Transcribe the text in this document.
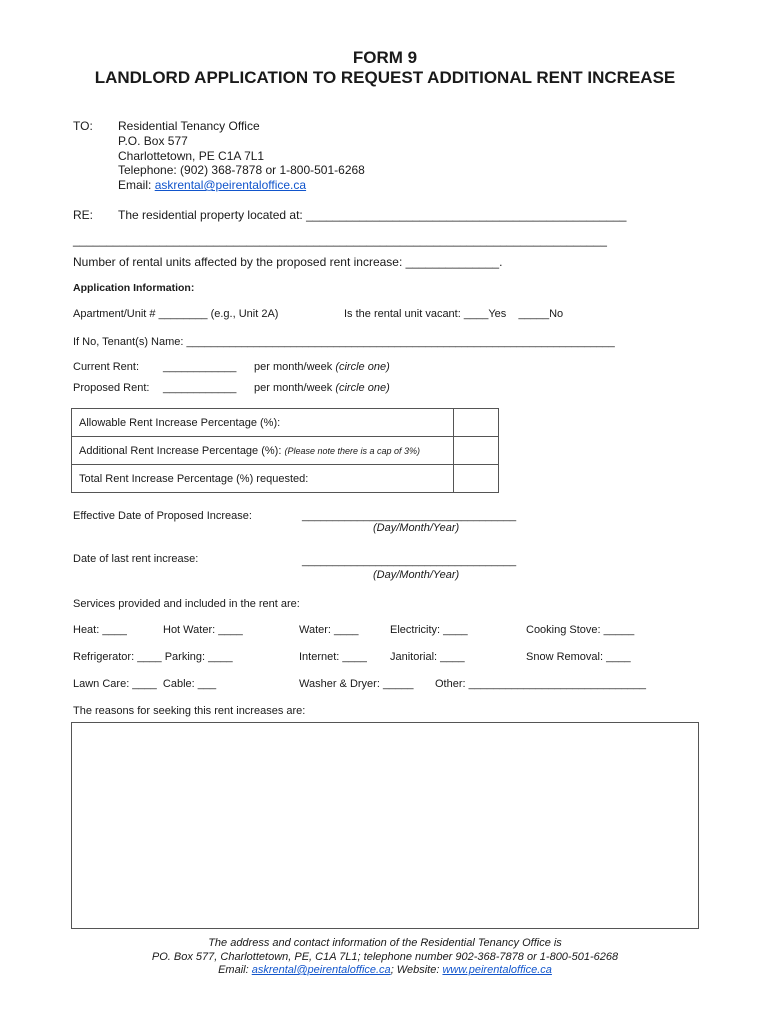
FORM 9
LANDLORD APPLICATION TO REQUEST ADDITIONAL RENT INCREASE
TO: Residential Tenancy Office
P.O. Box 577
Charlottetown, PE C1A 7L1
Telephone: (902) 368-7878 or 1-800-501-6268
Email: askrental@peirentaloffice.ca
RE: The residential property located at: ________________________________________________
________________________________________________________________________________
Number of rental units affected by the proposed rent increase: ______________.
Application Information:
Apartment/Unit # ________ (e.g., Unit 2A)	Is the rental unit vacant: ____Yes    _____No
If No, Tenant(s) Name: ______________________________________________________________________
Current Rent: ____________ per month/week (circle one)
Proposed Rent: ____________ per month/week (circle one)
Allowable Rent Increase Percentage (%):	
Additional Rent Increase Percentage (%): (Please note there is a cap of 3%)	
Total Rent Increase Percentage (%) requested:	
Effective Date of Proposed Increase:	___________________________________
(Day/Month/Year)
Date of last rent increase:	___________________________________
(Day/Month/Year)
Services provided and included in the rent are:
Heat: ____	Hot Water: ____	Water: ____	Electricity: ____	Cooking Stove: _____
Refrigerator: ____ Parking: ____	Internet: ____ Janitorial: ____	Snow Removal: ____
Lawn Care: ____  Cable: ___	Washer & Dryer: _____ Other: _____________________________
The reasons for seeking this rent increases are:
The address and contact information of the Residential Tenancy Office is
PO. Box 577, Charlottetown, PE, C1A 7L1; telephone number 902-368-7878 or 1-800-501-6268
Email: askrental@peirentaloffice.ca; Website: www.peirentaloffice.ca
